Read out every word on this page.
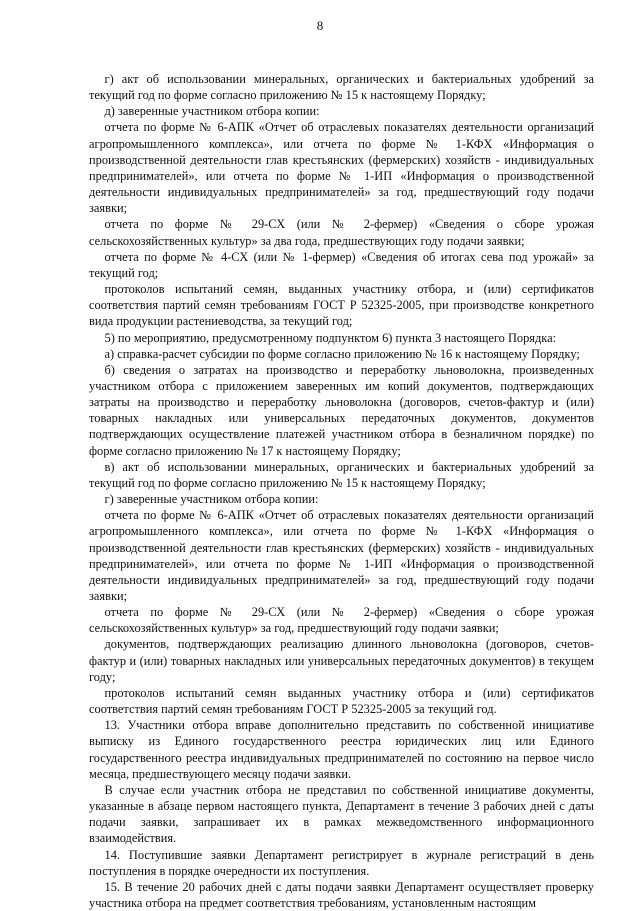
8

г) акт об использовании минеральных, органических и бактериальных удобрений за текущий год по форме согласно приложению № 15 к настоящему Порядку;

д) заверенные участником отбора копии:

отчета по форме № 6-АПК «Отчет об отраслевых показателях деятельности организаций агропромышленного комплекса», или отчета по форме № 1-КФХ «Информация о производственной деятельности глав крестьянских (фермерских) хозяйств - индивидуальных предпринимателей», или отчета по форме № 1-ИП «Информация о производственной деятельности индивидуальных предпринимателей» за год, предшествующий году подачи заявки;

отчета по форме № 29-СХ (или № 2-фермер) «Сведения о сборе урожая сельскохозяйственных культур» за два года, предшествующих году подачи заявки;

отчета по форме № 4-СХ (или № 1-фермер) «Сведения об итогах сева под урожай» за текущий год;

протоколов испытаний семян, выданных участнику отбора, и (или) сертификатов соответствия партий семян требованиям ГОСТ Р 52325-2005, при производстве конкретного вида продукции растениеводства, за текущий год;

5) по мероприятию, предусмотренному подпунктом 6) пункта 3 настоящего Порядка:

а) справка-расчет субсидии по форме согласно приложению № 16 к настоящему Порядку;

б) сведения о затратах на производство и переработку льноволокна, произведенных участником отбора с приложением заверенных им копий документов, подтверждающих затраты на производство и переработку льноволокна (договоров, счетов-фактур и (или) товарных накладных или универсальных передаточных документов, документов подтверждающих осуществление платежей участником отбора в безналичном порядке) по форме согласно приложению № 17 к настоящему Порядку;

в) акт об использовании минеральных, органических и бактериальных удобрений за текущий год по форме согласно приложению № 15 к настоящему Порядку;

г) заверенные участником отбора копии:

отчета по форме № 6-АПК «Отчет об отраслевых показателях деятельности организаций агропромышленного комплекса», или отчета по форме № 1-КФХ «Информация о производственной деятельности глав крестьянских (фермерских) хозяйств - индивидуальных предпринимателей», или отчета по форме № 1-ИП «Информация о производственной деятельности индивидуальных предпринимателей» за год, предшествующий году подачи заявки;

отчета по форме № 29-СХ (или № 2-фермер) «Сведения о сборе урожая сельскохозяйственных культур» за год, предшествующий году подачи заявки;

документов, подтверждающих реализацию длинного льноволокна (договоров, счетов-фактур и (или) товарных накладных или универсальных передаточных документов) в текущем году;

протоколов испытаний семян выданных участнику отбора и (или) сертификатов соответствия партий семян требованиям ГОСТ Р 52325-2005 за текущий год.

13. Участники отбора вправе дополнительно представить по собственной инициативе выписку из Единого государственного реестра юридических лиц или Единого государственного реестра индивидуальных предпринимателей по состоянию на первое число месяца, предшествующего месяцу подачи заявки.

В случае если участник отбора не представил по собственной инициативе документы, указанные в абзаце первом настоящего пункта, Департамент в течение 3 рабочих дней с даты подачи заявки, запрашивает их в рамках межведомственного информационного взаимодействия.

14. Поступившие заявки Департамент регистрирует в журнале регистраций в день поступления в порядке очередности их поступления.

15. В течение 20 рабочих дней с даты подачи заявки Департамент осуществляет проверку участника отбора на предмет соответствия требованиям, установленным настоящим
